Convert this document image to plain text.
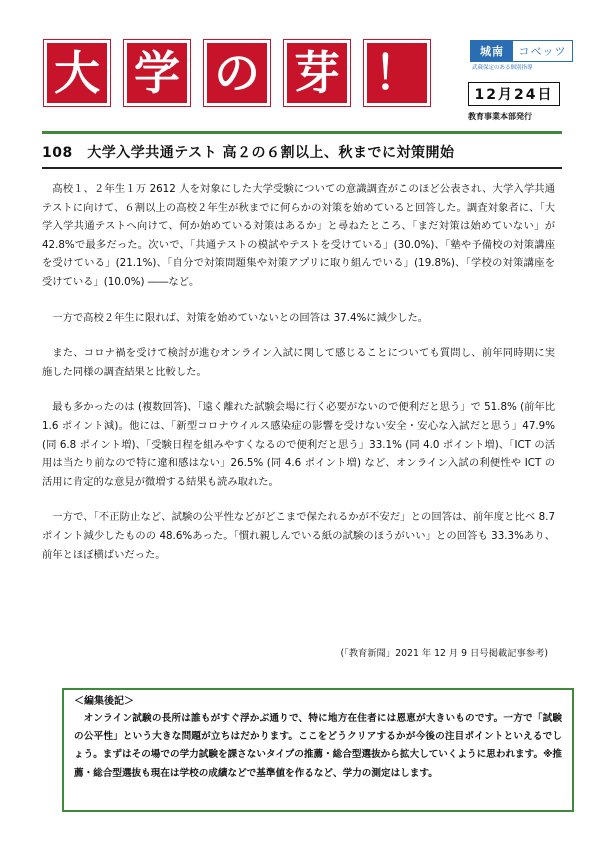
大 学 の 芽 ！	城南	コベッツ
武蔵保定のある個別指導
12月24日
教育事業本部発行
108　大学入学共通テスト 高２の６割以上、秋までに対策開始

高校１、２年生１万 2612 人を対象にした大学受験についての意識調査がこのほど公表され、大学入学共通テストに向けて、６割以上の高校２年生が秋までに何らかの対策を始めていると回答した。調査対象者に、「大学入学共通テストへ向けて、何か始めている対策はあるか」と尋ねたところ、「まだ対策は始めていない」が 42.8%で最多だった。次いで、「共通テストの模試やテストを受けている」(30.0%)、「塾や予備校の対策講座を受けている」(21.1%)、「自分で対策問題集や対策アプリに取り組んでいる」(19.8%)、「学校の対策講座を受けている」(10.0%) ――など。

一方で高校２年生に限れば、対策を始めていないとの回答は 37.4%に減少した。

また、コロナ禍を受けて検討が進むオンライン入試に関して感じることについても質問し、前年同時期に実施した同様の調査結果と比較した。

最も多かったのは (複数回答)、「遠く離れた試験会場に行く必要がないので便利だと思う」で 51.8% (前年比 1.6 ポイント減)。他には、「新型コロナウイルス感染症の影響を受けない安全・安心な入試だと思う」47.9% (同 6.8 ポイント増)、「受験日程を組みやすくなるので便利だと思う」33.1% (同 4.0 ポイント増)、「ICT の活用は当たり前なので特に違和感はない」26.5% (同 4.6 ポイント増) など、オンライン入試の利便性や ICT の活用に肯定的な意見が微増する結果も読み取れた。

一方で、「不正防止など、試験の公平性などがどこまで保たれるかが不安だ」との回答は、前年度と比べ 8.7 ポイント減少したものの 48.6%あった。「慣れ親しんでいる紙の試験のほうがいい」との回答も 33.3%あり、前年とほぼ横ばいだった。

(「教育新聞」2021 年 12 月 9 日号掲載記事参考)
＜編集後記＞

オンライン試験の長所は誰もがすぐ浮かぶ通りで、特に地方在住者には恩恵が大きいものです。一方で「試験の公平性」という大きな問題が立ちはだかります。ここをどうクリアするかが今後の注目ポイントといえるでしょう。まずはその場での学力試験を課さないタイプの推薦・総合型選抜から拡大していくように思われます。※推薦・総合型選抜も現在は学校の成績などで基準値を作るなど、学力の測定はします。
